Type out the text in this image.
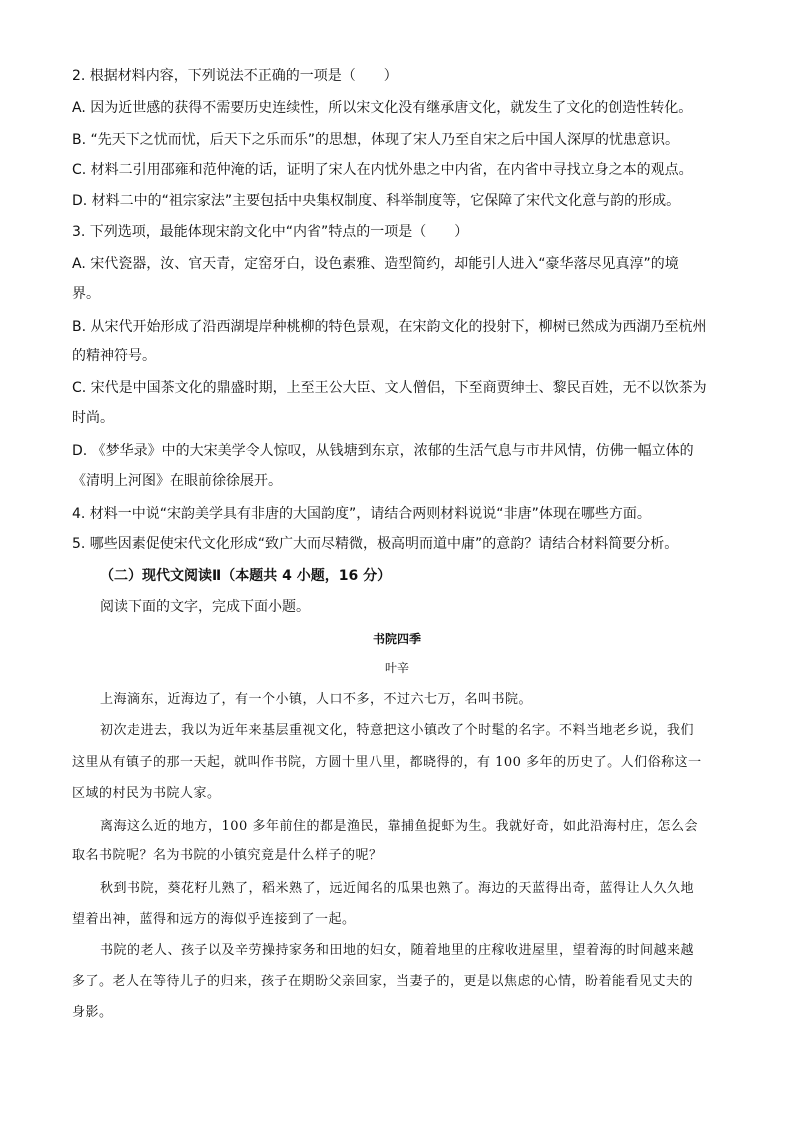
2. 根据材料内容，下列说法不正确的一项是（　　）
A. 因为近世感的获得不需要历史连续性，所以宋文化没有继承唐文化，就发生了文化的创造性转化。
B. “先天下之忧而忧，后天下之乐而乐”的思想，体现了宋人乃至自宋之后中国人深厚的忧患意识。
C. 材料二引用邵雍和范仲淹的话，证明了宋人在内忧外患之中内省，在内省中寻找立身之本的观点。
D. 材料二中的“祖宗家法”主要包括中央集权制度、科举制度等，它保障了宋代文化意与韵的形成。
3. 下列选项，最能体现宋韵文化中“内省”特点的一项是（　　）
A. 宋代瓷器，汝、官天青，定窑牙白，设色素雅、造型简约，却能引人进入“豪华落尽见真淳”的境
界。
B. 从宋代开始形成了沿西湖堤岸种桃柳的特色景观，在宋韵文化的投射下，柳树已然成为西湖乃至杭州
的精神符号。
C. 宋代是中国茶文化的鼎盛时期，上至王公大臣、文人僧侣，下至商贾绅士、黎民百姓，无不以饮茶为
时尚。
D. 《梦华录》中的大宋美学令人惊叹，从钱塘到东京，浓郁的生活气息与市井风情，仿佛一幅立体的
《清明上河图》在眼前徐徐展开。
4. 材料一中说“宋韵美学具有非唐的大国韵度”，请结合两则材料说说“非唐”体现在哪些方面。
5. 哪些因素促使宋代文化形成“致广大而尽精微，极高明而道中庸”的意韵？请结合材料简要分析。
（二）现代文阅读Ⅱ（本题共 4 小题，16 分）
阅读下面的文字，完成下面小题。
书院四季
叶辛
上海滴东，近海边了，有一个小镇，人口不多，不过六七万，名叫书院。
初次走进去，我以为近年来基层重视文化，特意把这小镇改了个时髦的名字。不料当地老乡说，我们
这里从有镇子的那一天起，就叫作书院，方圆十里八里，都晓得的，有 100 多年的历史了。人们俗称这一
区域的村民为书院人家。
离海这么近的地方，100 多年前住的都是渔民，靠捕鱼捉虾为生。我就好奇，如此沿海村庄，怎么会
取名书院呢？名为书院的小镇究竟是什么样子的呢？
秋到书院，葵花籽儿熟了，稻米熟了，远近闻名的瓜果也熟了。海边的天蓝得出奇，蓝得让人久久地
望着出神，蓝得和远方的海似乎连接到了一起。
书院的老人、孩子以及辛劳操持家务和田地的妇女，随着地里的庄稼收进屋里，望着海的时间越来越
多了。老人在等待儿子的归来，孩子在期盼父亲回家，当妻子的，更是以焦虑的心情，盼着能看见丈夫的
身影。
